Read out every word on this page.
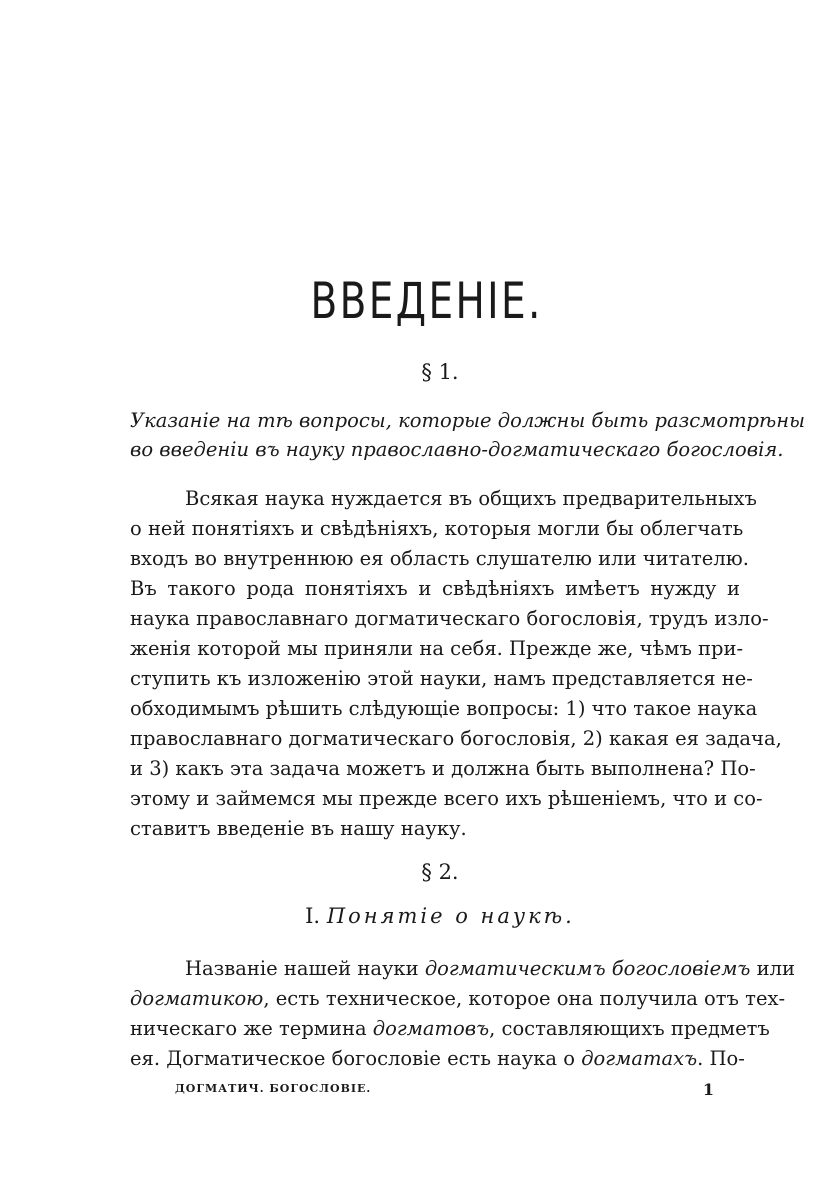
ВВЕДЕНІЕ.

§ 1.

Указаніе на тѣ вопросы, которые должны быть разсмотрѣны
во введеніи въ науку православно-догматическаго богословія.

Всякая наука нуждается въ общихъ предварительныхъ
о ней понятіяхъ и свѣдѣніяхъ, которыя могли бы облегчать
входъ во внутреннюю ея область слушателю или читателю.
Въ такого рода понятіяхъ и свѣдѣніяхъ имѣетъ нужду и
наука православнаго догматическаго богословія, трудъ изло-
женія которой мы приняли на себя. Прежде же, чѣмъ при-
ступить къ изложенію этой науки, намъ представляется не-
обходимымъ рѣшить слѣдующіе вопросы: 1) что такое наука
православнаго догматическаго богословія, 2) какая ея задача,
и 3) какъ эта задача можетъ и должна быть выполнена? По-
этому и займемся мы прежде всего ихъ рѣшеніемъ, что и со-
ставитъ введеніе въ нашу науку.

§ 2.

I. Понятіе о наукѣ.

Названіе нашей науки догматическимъ богословіемъ или
догматикою, есть техническое, которое она получила отъ тех-
ническаго же термина догматовъ, составляющихъ предметъ
ея. Догматическое богословіе есть наука о догматахъ. По-
ДОГМАТИЧ. БОГОСЛОВІЕ.	1
